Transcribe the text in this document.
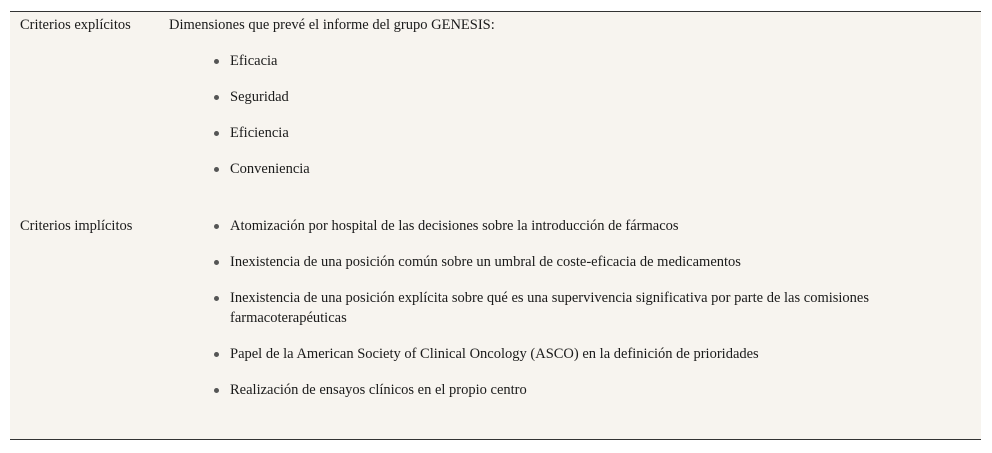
Criterios explícitos	Dimensiones que prevé el informe del grupo GENESIS:
Eficacia
Seguridad
Eficiencia
Conveniencia
Criterios implícitos	Atomización por hospital de las decisiones sobre la introducción de fármacos
Inexistencia de una posición común sobre un umbral de coste-eficacia de medicamentos
Inexistencia de una posición explícita sobre qué es una supervivencia significativa por parte de las comisiones farmacoterapéuticas
Papel de la American Society of Clinical Oncology (ASCO) en la definición de prioridades
Realización de ensayos clínicos en el propio centro
